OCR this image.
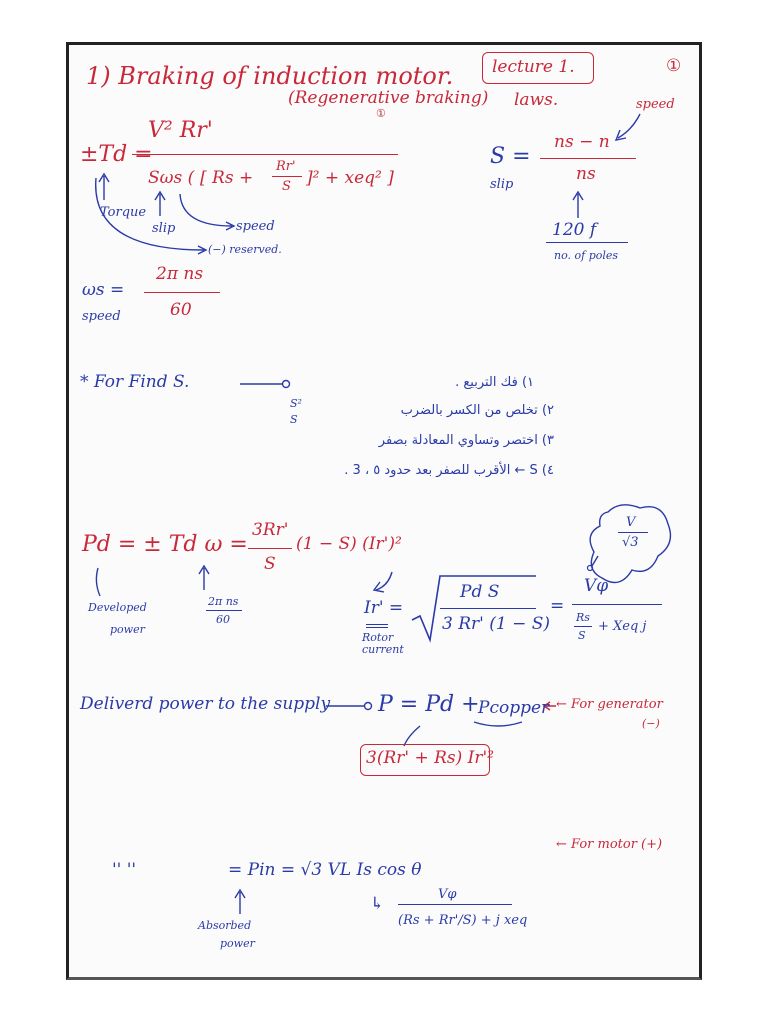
1) Braking of induction motor.
(Regenerative braking)
①
lecture 1.	①
laws.
±Td =
V² Rr'
Sωs ( [ Rs +
Rr'
S ]² + xeq² ]
Torque
slip	speed
(−) reserved.
S =
slip
ns − n
ns
speed
120 f
no. of poles
ωs =
speed
2π ns
60
* For Find S.	١) فك التربيع .
٢) تخلص من الكسر بالضرب
٣) اختصر وتساوي المعادلة بصفر
٤) S ← الأقرب للصفر بعد حدود ٥ ، 3 .
S²
S
Pd = ± Td ω =
3Rr'
S
(1 − S) (Ir')²
Developed
power
2π ns
60
Ir' =
Rotor
current
Pd S
3 Rr' (1 − S)
=
Vφ
Rs
S
+ Xeq j
V
√3
Deliverd power to the supply P = Pd +
Pcopper ← For generator
(−)
3(Rr' + Rs) Ir'²
← For motor (+)
'' ''	= Pin = √3 VL Is cos θ
Absorbed
power
↳	Vφ
(Rs + Rr'/S) + j xeq
